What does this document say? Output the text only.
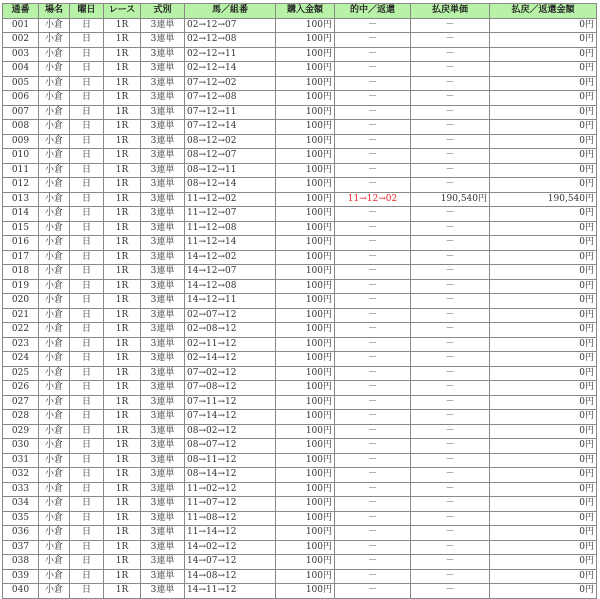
通番	場名	曜日	レース	式別	馬／組番	購入金額	的中／返還	払戻単価	払戻／返還金額
001	小倉	日	1R	3連単	02→12→07	100円	－	－	0円
002	小倉	日	1R	3連単	02→12→08	100円	－	－	0円
003	小倉	日	1R	3連単	02→12→11	100円	－	－	0円
004	小倉	日	1R	3連単	02→12→14	100円	－	－	0円
005	小倉	日	1R	3連単	07→12→02	100円	－	－	0円
006	小倉	日	1R	3連単	07→12→08	100円	－	－	0円
007	小倉	日	1R	3連単	07→12→11	100円	－	－	0円
008	小倉	日	1R	3連単	07→12→14	100円	－	－	0円
009	小倉	日	1R	3連単	08→12→02	100円	－	－	0円
010	小倉	日	1R	3連単	08→12→07	100円	－	－	0円
011	小倉	日	1R	3連単	08→12→11	100円	－	－	0円
012	小倉	日	1R	3連単	08→12→14	100円	－	－	0円
013	小倉	日	1R	3連単	11→12→02	100円	11→12→02	190,540円	190,540円
014	小倉	日	1R	3連単	11→12→07	100円	－	－	0円
015	小倉	日	1R	3連単	11→12→08	100円	－	－	0円
016	小倉	日	1R	3連単	11→12→14	100円	－	－	0円
017	小倉	日	1R	3連単	14→12→02	100円	－	－	0円
018	小倉	日	1R	3連単	14→12→07	100円	－	－	0円
019	小倉	日	1R	3連単	14→12→08	100円	－	－	0円
020	小倉	日	1R	3連単	14→12→11	100円	－	－	0円
021	小倉	日	1R	3連単	02→07→12	100円	－	－	0円
022	小倉	日	1R	3連単	02→08→12	100円	－	－	0円
023	小倉	日	1R	3連単	02→11→12	100円	－	－	0円
024	小倉	日	1R	3連単	02→14→12	100円	－	－	0円
025	小倉	日	1R	3連単	07→02→12	100円	－	－	0円
026	小倉	日	1R	3連単	07→08→12	100円	－	－	0円
027	小倉	日	1R	3連単	07→11→12	100円	－	－	0円
028	小倉	日	1R	3連単	07→14→12	100円	－	－	0円
029	小倉	日	1R	3連単	08→02→12	100円	－	－	0円
030	小倉	日	1R	3連単	08→07→12	100円	－	－	0円
031	小倉	日	1R	3連単	08→11→12	100円	－	－	0円
032	小倉	日	1R	3連単	08→14→12	100円	－	－	0円
033	小倉	日	1R	3連単	11→02→12	100円	－	－	0円
034	小倉	日	1R	3連単	11→07→12	100円	－	－	0円
035	小倉	日	1R	3連単	11→08→12	100円	－	－	0円
036	小倉	日	1R	3連単	11→14→12	100円	－	－	0円
037	小倉	日	1R	3連単	14→02→12	100円	－	－	0円
038	小倉	日	1R	3連単	14→07→12	100円	－	－	0円
039	小倉	日	1R	3連単	14→08→12	100円	－	－	0円
040	小倉	日	1R	3連単	14→11→12	100円	－	－	0円
